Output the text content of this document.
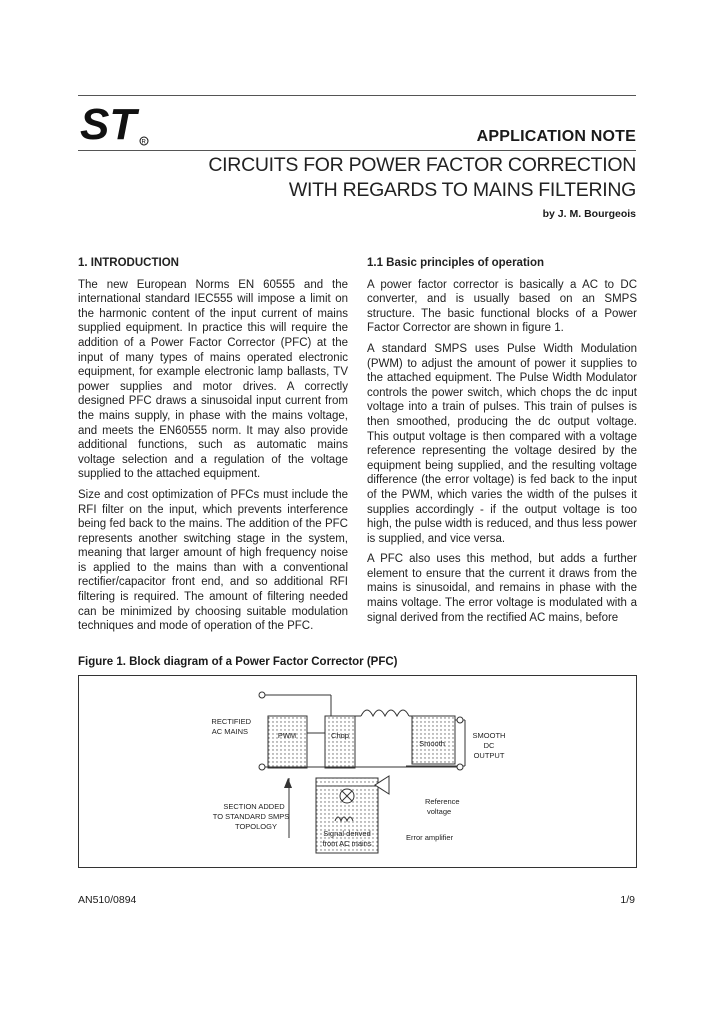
ST R	APPLICATION NOTE
CIRCUITS FOR POWER FACTOR CORRECTION
WITH REGARDS TO MAINS FILTERING
by J. M. Bourgeois
1. INTRODUCTION

The new European Norms EN 60555 and the international standard IEC555 will impose a limit on the harmonic content of the input current of mains supplied equipment. In practice this will require the addition of a Power Factor Corrector (PFC) at the input of many types of mains operated electronic equipment, for example electronic lamp ballasts, TV power supplies and motor drives. A correctly designed PFC draws a sinusoidal input current from the mains supply, in phase with the mains voltage, and meets the EN60555 norm. It may also provide additional functions, such as automatic mains voltage selection and a regulation of the voltage supplied to the attached equipment.

Size and cost optimization of PFCs must include the RFI filter on the input, which prevents interference being fed back to the mains. The addition of the PFC represents another switching stage in the system, meaning that larger amount of high frequency noise is applied to the mains than with a conventional rectifier/capacitor front end, and so additional RFI filtering is required. The amount of filtering needed can be minimized by choosing suitable modulation techniques and mode of operation of the PFC.

1.1 Basic principles of operation

A power factor corrector is basically a AC to DC converter, and is usually based on an SMPS structure. The basic functional blocks of a Power Factor Corrector are shown in figure 1.

A standard SMPS uses Pulse Width Modulation (PWM) to adjust the amount of power it supplies to the attached equipment. The Pulse Width Modulator controls the power switch, which chops the dc input voltage into a train of pulses. This train of pulses is then smoothed, producing the dc output voltage. This output voltage is then compared with a voltage reference representing the voltage desired by the equipment being supplied, and the resulting voltage difference (the error voltage) is fed back to the input of the PWM, which varies the width of the pulses it supplies accordingly - if the output voltage is too high, the pulse width is reduced, and thus less power is supplied, and vice versa.

A PFC also uses this method, but adds a further element to ensure that the current it draws from the mains is sinusoidal, and remains in phase with the mains voltage. The error voltage is modulated with a signal derived from the rectified AC mains, before

Figure 1. Block diagram of a Power Factor Corrector (PFC)
RECTIFIED
AC MAINS	PWM	Chop
Smooth
SMOOTH
DC
OUTPUT
SECTION ADDED
TO STANDARD SMPS
TOPOLOGY
Signal derived
from AC mains
Reference
voltage
Error amplifier
AN510/0894	1/9
